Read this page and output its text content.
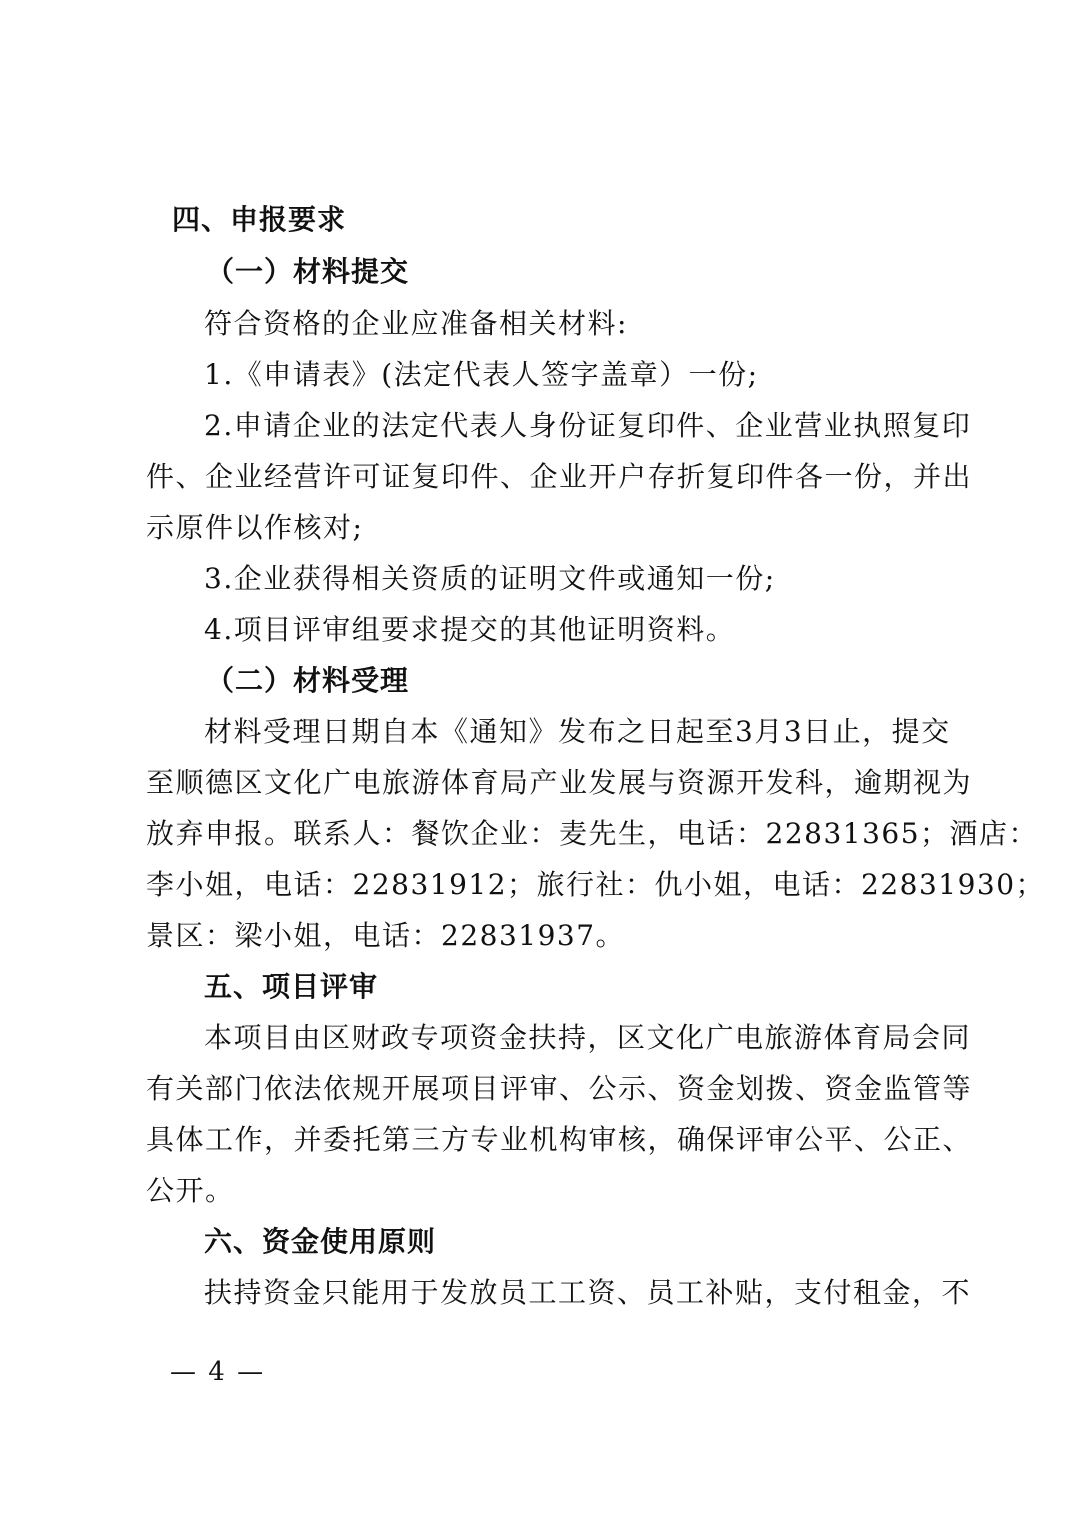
四、申报要求
（一）材料提交
符合资格的企业应准备相关材料:
1.《申请表》(法定代表人签字盖章）一份;
2.申请企业的法定代表人身份证复印件、企业营业执照复印
件、企业经营许可证复印件、企业开户存折复印件各一份，并出
示原件以作核对;
3.企业获得相关资质的证明文件或通知一份;
4.项目评审组要求提交的其他证明资料。
（二）材料受理
材料受理日期自本《通知》发布之日起至3月3日止，提交
至顺德区文化广电旅游体育局产业发展与资源开发科，逾期视为
放弃申报。联系人：餐饮企业：麦先生，电话：22831365；酒店：
李小姐，电话：22831912；旅行社：仇小姐，电话：22831930；
景区：梁小姐，电话：22831937。
五、项目评审
本项目由区财政专项资金扶持，区文化广电旅游体育局会同
有关部门依法依规开展项目评审、公示、资金划拨、资金监管等
具体工作，并委托第三方专业机构审核，确保评审公平、公正、
公开。
六、资金使用原则
扶持资金只能用于发放员工工资、员工补贴，支付租金，不
— 4 —
